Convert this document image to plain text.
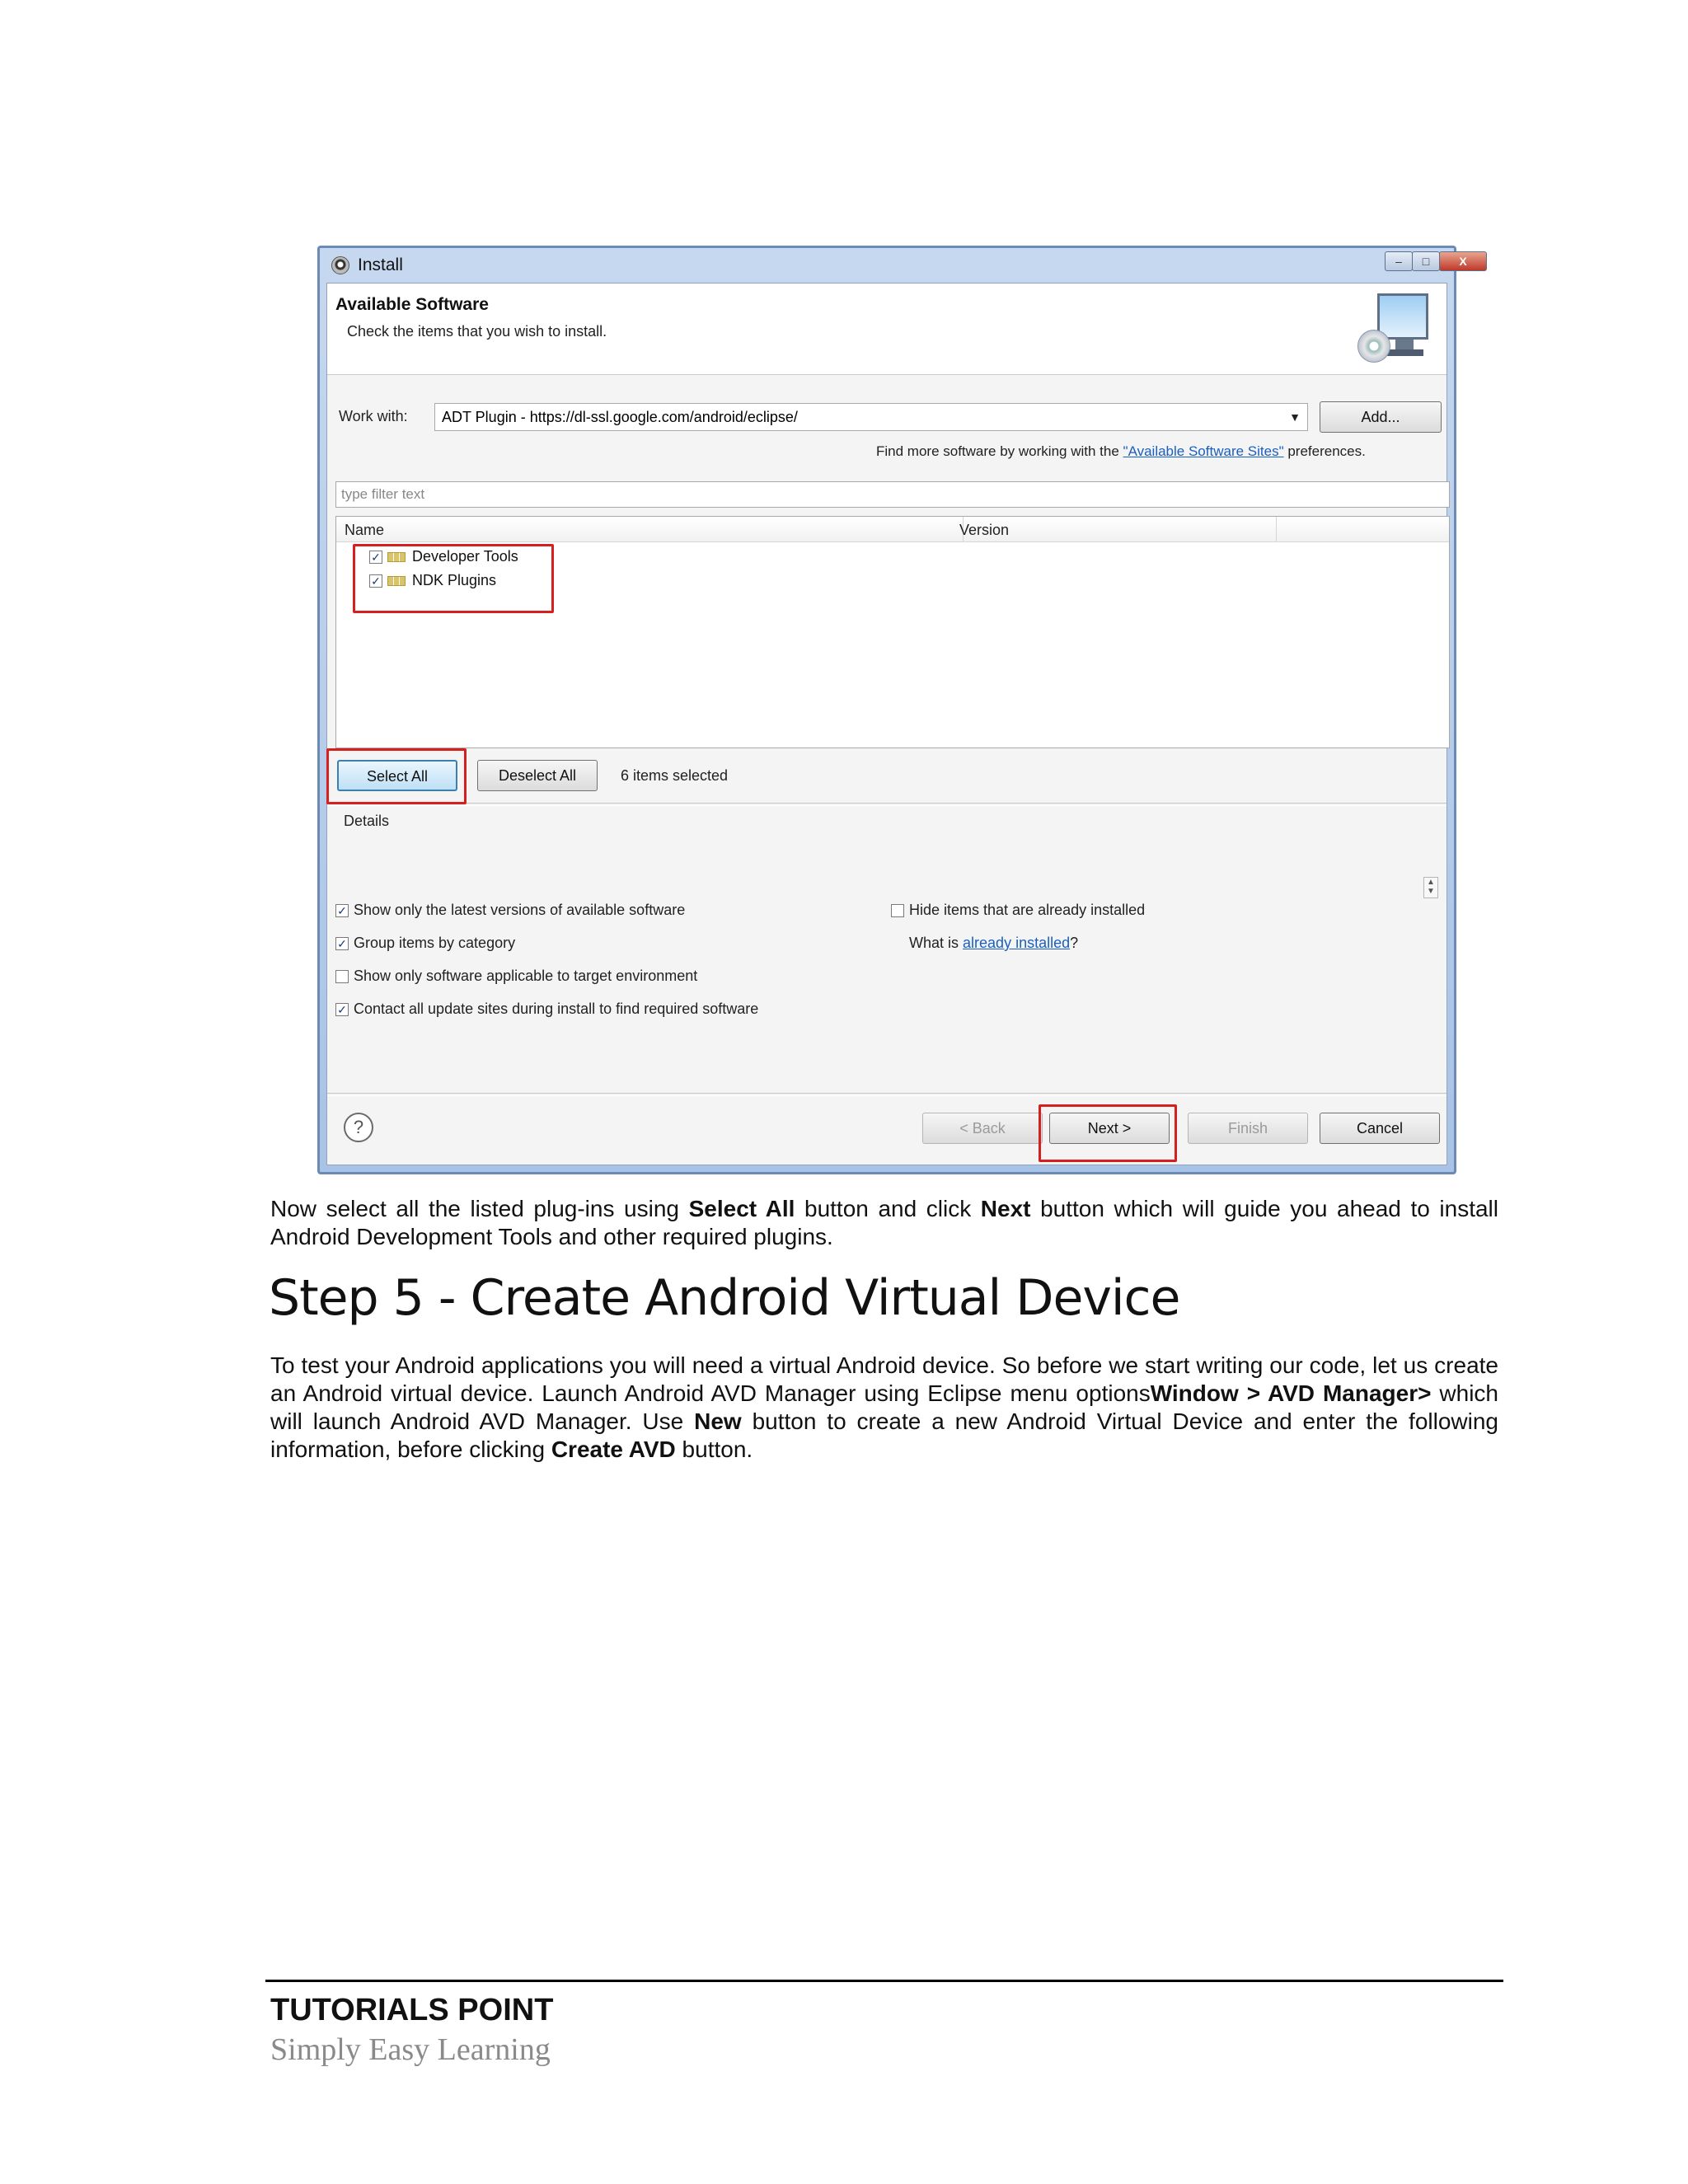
Install	–	□	X
Available Software
Check the items that you wish to install.
Work with:	ADT Plugin - https://dl-ssl.google.com/android/eclipse/	▼	Add...
Find more software by working with the "Available Software Sites" preferences.
type filter text
Name	Version
✓ Developer Tools
✓ NDK Plugins
Select All	Deselect All	6 items selected
Details
▲
▼
✓ Show only the latest versions of available software
✓ Group items by category
Show only software applicable to target environment
✓ Contact all update sites during install to find required software
Hide items that are already installed
What is already installed?
?	< Back	Next >	Finish	Cancel
Now select all the listed plug-ins using Select All button and click Next button which will guide you ahead to install Android Development Tools and other required plugins.
Step 5 - Create Android Virtual Device
To test your Android applications you will need a virtual Android device. So before we start writing our code, let us create an Android virtual device. Launch Android AVD Manager using Eclipse menu optionsWindow > AVD Manager> which will launch Android AVD Manager. Use New button to create a new Android Virtual Device and enter the following information, before clicking Create AVD button.
TUTORIALS POINT
Simply Easy Learning
